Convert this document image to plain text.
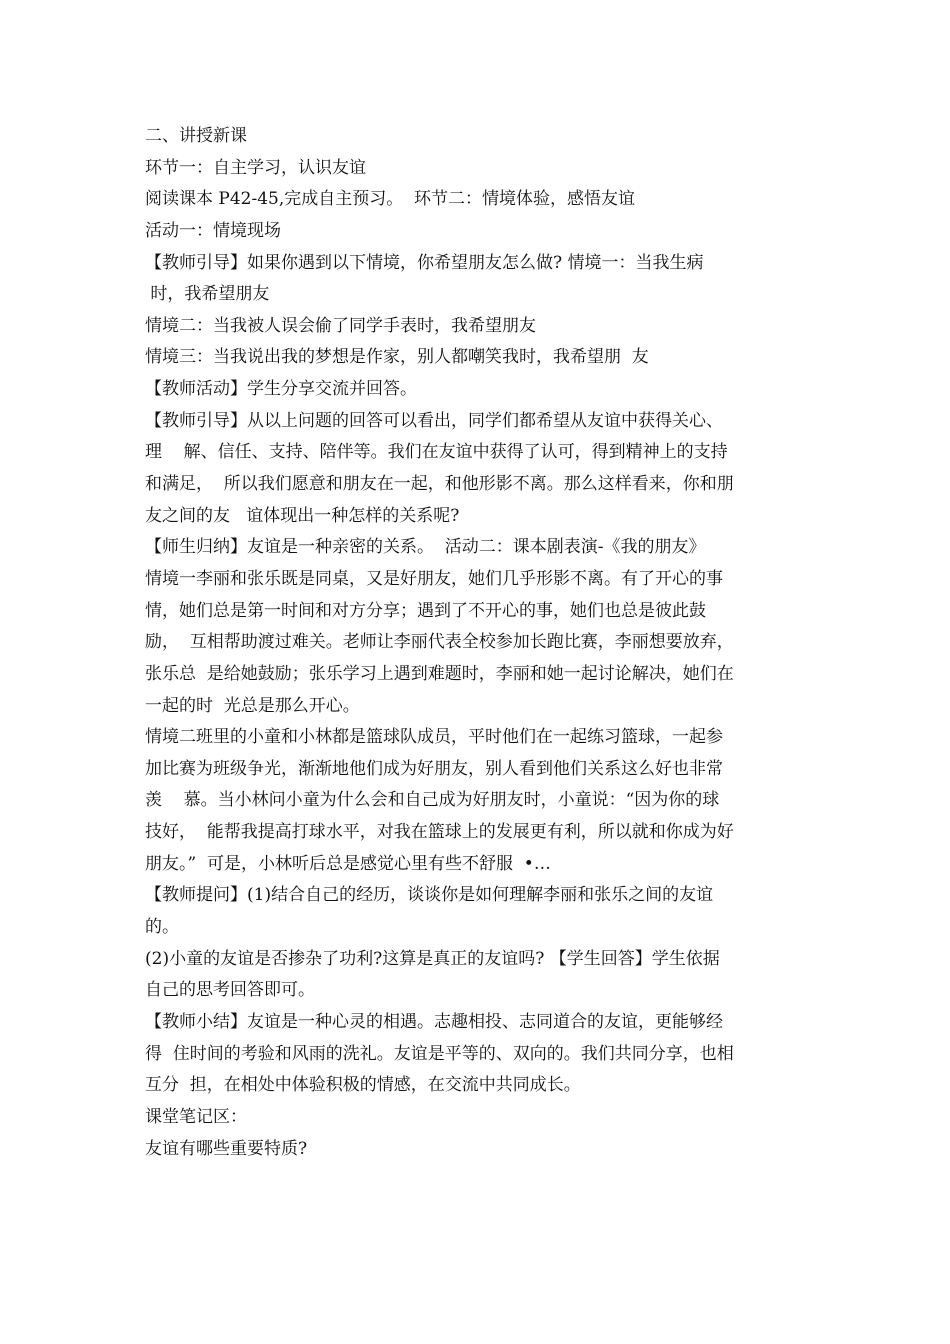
二、讲授新课
环节一：自主学习，认识友谊
阅读课本 P42-45,完成自主预习。  环节二：情境体验，感悟友谊
活动一：情境现场
【教师引导】如果你遇到以下情境，你希望朋友怎么做? 情境一：当我生病
时，我希望朋友
情境二：当我被人误会偷了同学手表时，我希望朋友
情境三：当我说出我的梦想是作家，别人都嘲笑我时，我希望朋  友
【教师活动】学生分享交流并回答。
【教师引导】从以上问题的回答可以看出，同学们都希望从友谊中获得关心、
理    解、信任、支持、陪伴等。我们在友谊中获得了认可，得到精神上的支持
和满足，  所以我们愿意和朋友在一起，和他形影不离。那么这样看来，你和朋
友之间的友   谊体现出一种怎样的关系呢?
【师生归纳】友谊是一种亲密的关系。  活动二：课本剧表演-《我的朋友》
情境一李丽和张乐既是同桌，又是好朋友，她们几乎形影不离。有了开心的事
情，她们总是第一时间和对方分享；遇到了不开心的事，她们也总是彼此鼓
励，  互相帮助渡过难关。老师让李丽代表全校参加长跑比赛，李丽想要放弃，
张乐总  是给她鼓励；张乐学习上遇到难题时，李丽和她一起讨论解决，她们在
一起的时  光总是那么开心。
情境二班里的小童和小林都是篮球队成员，平时他们在一起练习篮球，一起参
加比赛为班级争光，渐渐地他们成为好朋友，别人看到他们关系这么好也非常
羡    慕。当小林问小童为什么会和自己成为好朋友时，小童说：“因为你的球
技好，  能帮我提高打球水平，对我在篮球上的发展更有利，所以就和你成为好
朋友。”  可是，小林听后总是感觉心里有些不舒服  •…
【教师提问】(1)结合自己的经历，谈谈你是如何理解李丽和张乐之间的友谊
的。
(2)小童的友谊是否掺杂了功利?这算是真正的友谊吗? 【学生回答】学生依据
自己的思考回答即可。
【教师小结】友谊是一种心灵的相遇。志趣相投、志同道合的友谊，更能够经
得  住时间的考验和风雨的洗礼。友谊是平等的、双向的。我们共同分享，也相
互分  担，在相处中体验积极的情感，在交流中共同成长。
课堂笔记区：
友谊有哪些重要特质?
